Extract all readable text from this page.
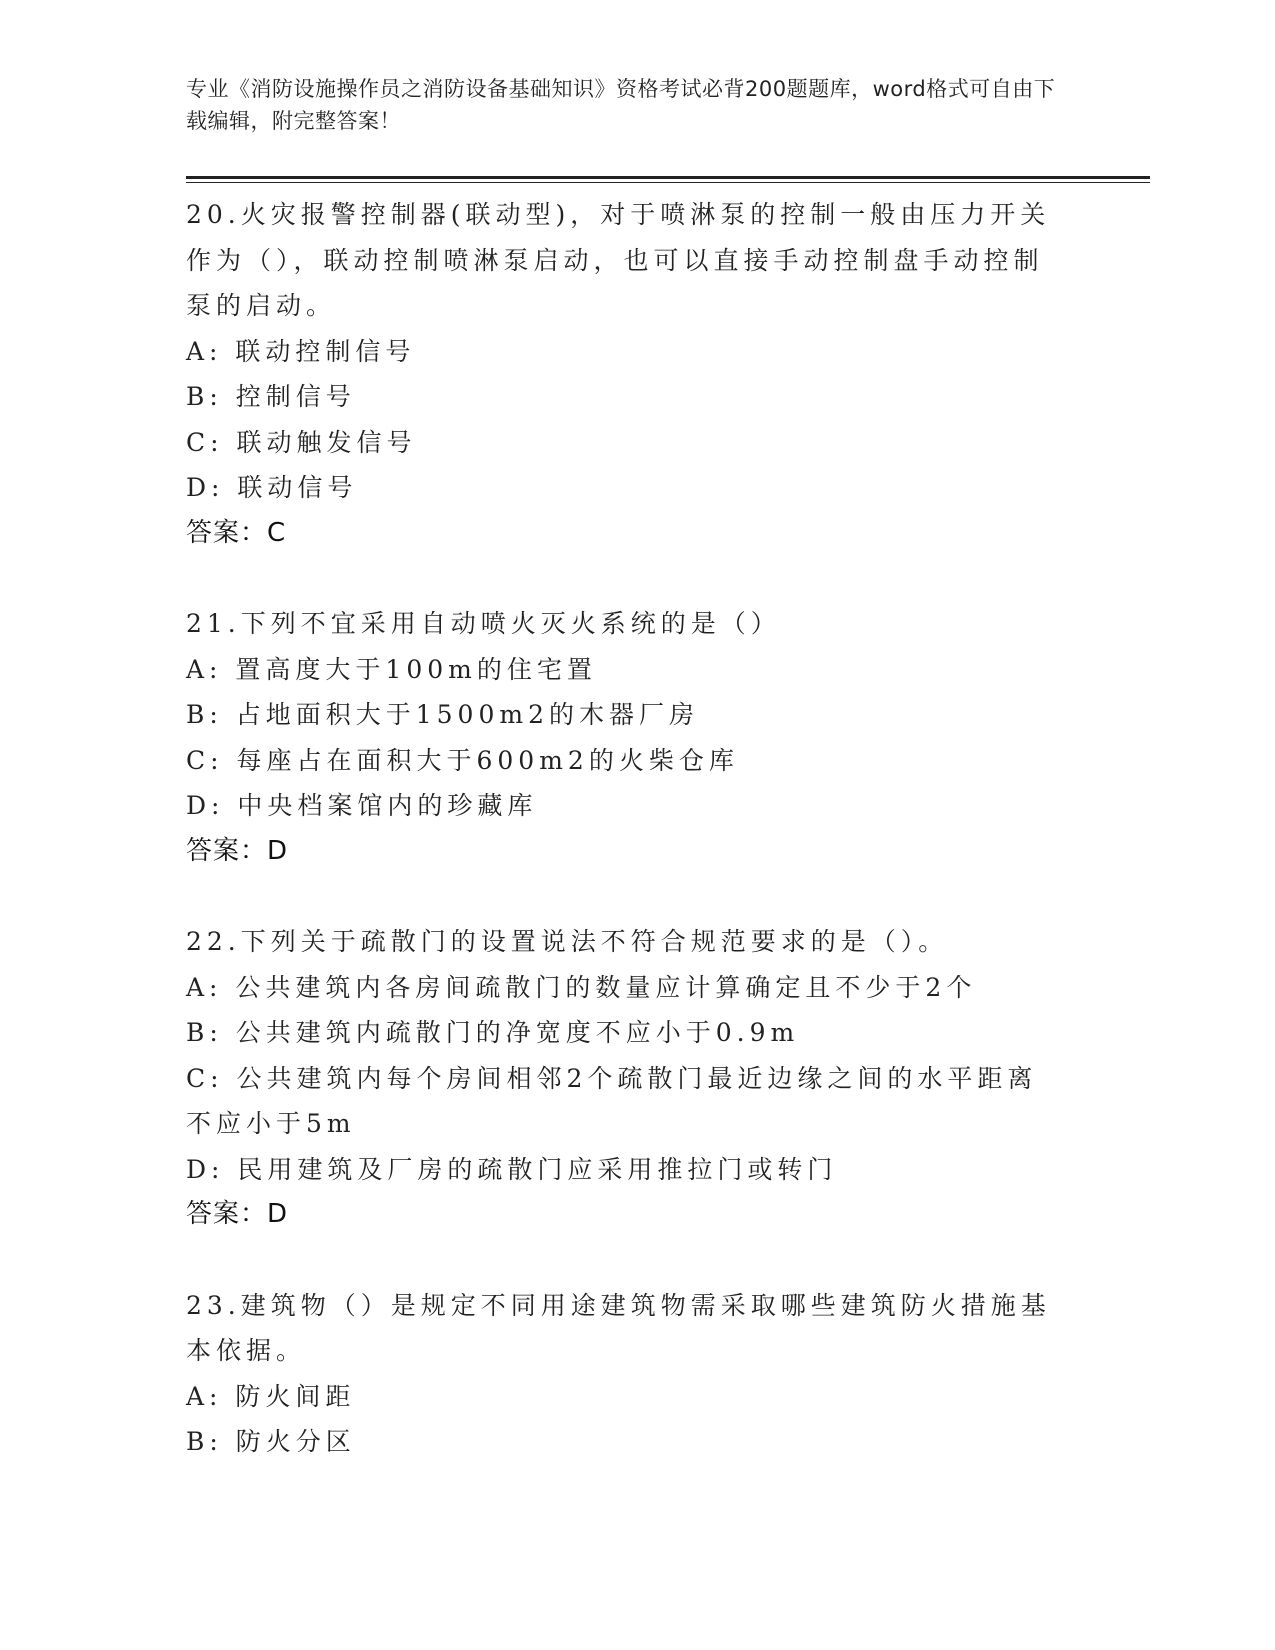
专业《消防设施操作员之消防设备基础知识》资格考试必背200题题库，word格式可自由下载编辑，附完整答案！
20.火灾报警控制器(联动型)，对于喷淋泵的控制一般由压力开关作为（），联动控制喷淋泵启动，也可以直接手动控制盘手动控制泵的启动。
A: 联动控制信号
B: 控制信号
C: 联动触发信号
D: 联动信号
答案：C
21.下列不宜采用自动喷火灭火系统的是（）
A: 置高度大于100m的住宅置
B: 占地面积大于1500m2的木器厂房
C: 每座占在面积大于600m2的火柴仓库
D: 中央档案馆内的珍藏库
答案：D
22.下列关于疏散门的设置说法不符合规范要求的是（）。
A: 公共建筑内各房间疏散门的数量应计算确定且不少于2个
B: 公共建筑内疏散门的净宽度不应小于0.9m
C: 公共建筑内每个房间相邻2个疏散门最近边缘之间的水平距离不应小于5m
D: 民用建筑及厂房的疏散门应采用推拉门或转门
答案：D
23.建筑物（）是规定不同用途建筑物需采取哪些建筑防火措施基本依据。
A: 防火间距
B: 防火分区
